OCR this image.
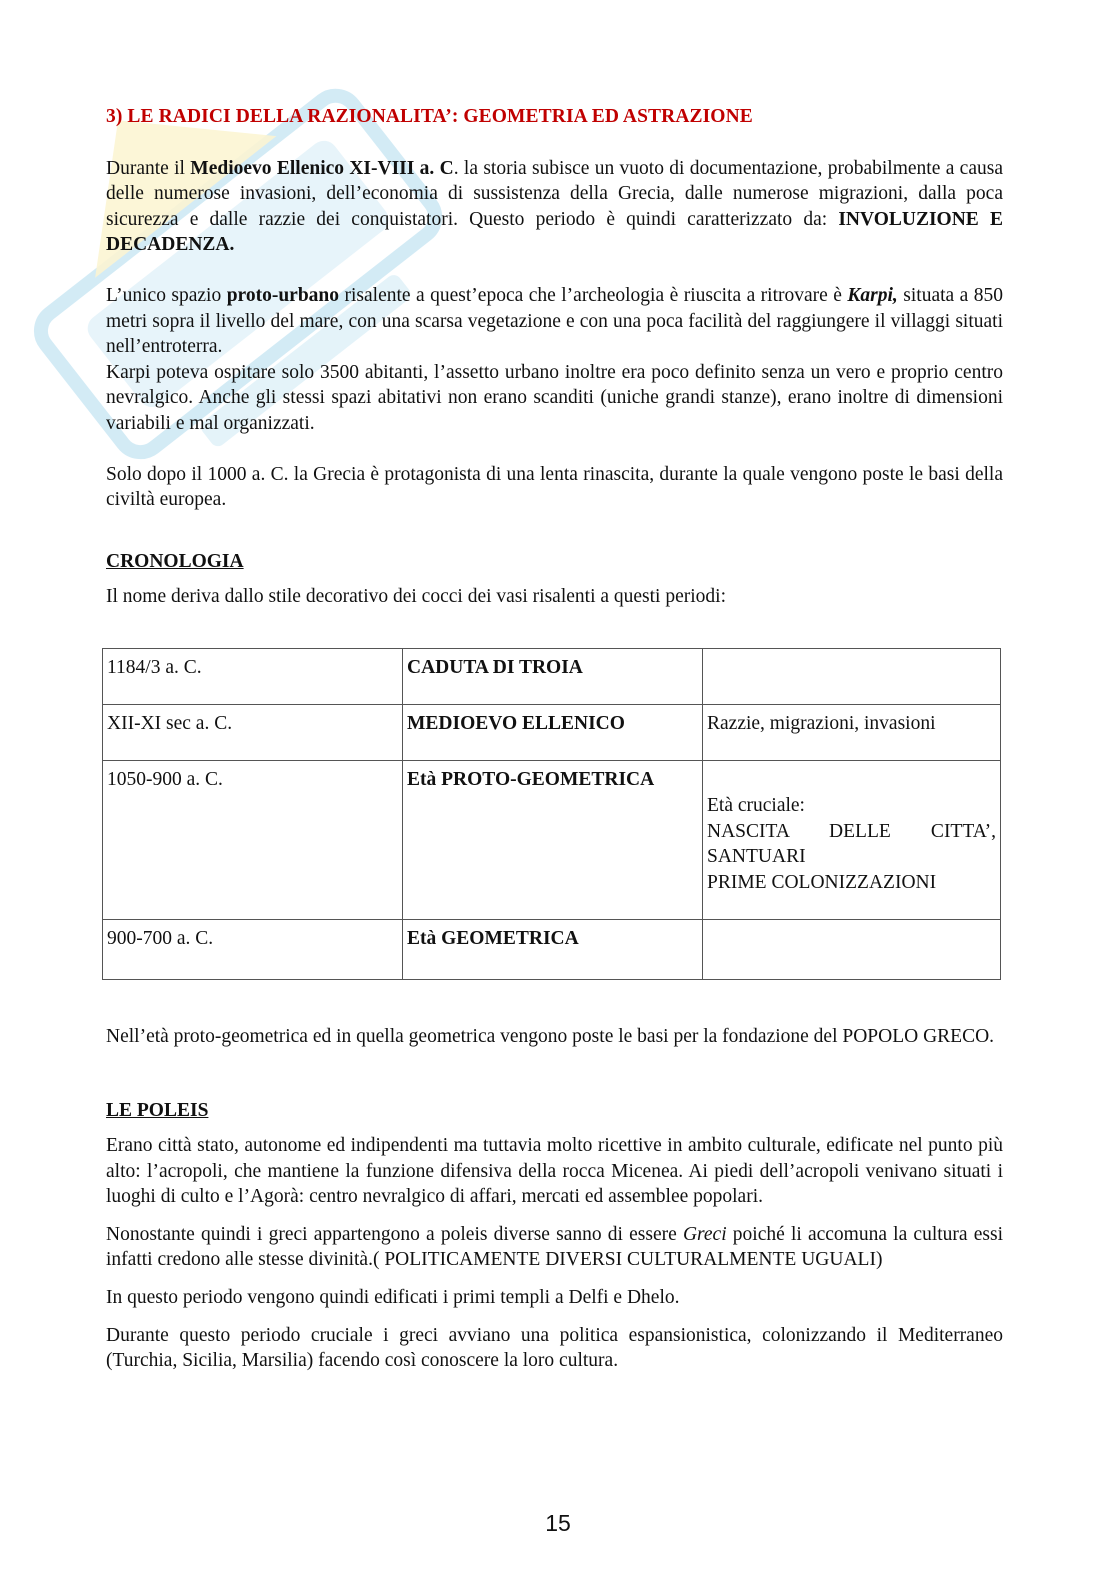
3) LE RADICI DELLA RAZIONALITA’: GEOMETRIA ED ASTRAZIONE

Durante il Medioevo Ellenico XI-VIII a. C. la storia subisce un vuoto di documentazione, probabilmente a causa delle numerose invasioni, dell’economia di sussistenza della Grecia, dalle numerose migrazioni, dalla poca sicurezza e dalle razzie dei conquistatori. Questo periodo è quindi caratterizzato da: INVOLUZIONE E DECADENZA.

L’unico spazio proto-urbano risalente a quest’epoca che l’archeologia è riuscita a ritrovare è Karpi, situata a 850 metri sopra il livello del mare, con una scarsa vegetazione e con una poca facilità del raggiungere il villaggi situati nell’entroterra.

Karpi poteva ospitare solo 3500 abitanti, l’assetto urbano inoltre era poco definito senza un vero e proprio centro nevralgico. Anche gli stessi spazi abitativi non erano scanditi (uniche grandi stanze), erano inoltre di dimensioni variabili e mal organizzati.

Solo dopo il 1000 a. C. la Grecia è protagonista di una lenta rinascita, durante la quale vengono poste le basi della civiltà europea.

CRONOLOGIA

Il nome deriva dallo stile decorativo dei cocci dei vasi risalenti a questi periodi:

1184/3 a. C.	CADUTA DI TROIA	
XII-XI sec a. C.	MEDIOEVO ELLENICO	Razzie, migrazioni, invasioni
1050-900 a. C.	Età PROTO-GEOMETRICA	Età cruciale:
NASCITA DELLE CITTA’, SANTUARI
PRIME COLONIZZAZIONI

900-700 a. C.	Età GEOMETRICA	

Nell’età proto-geometrica ed in quella geometrica vengono poste le basi per la fondazione del POPOLO GRECO.

LE POLEIS

Erano città stato, autonome ed indipendenti ma tuttavia molto ricettive in ambito culturale, edificate nel punto più alto: l’acropoli, che mantiene la funzione difensiva della rocca Micenea. Ai piedi dell’acropoli venivano situati i luoghi di culto e l’Agorà: centro nevralgico di affari, mercati ed assemblee popolari.

Nonostante quindi i greci appartengono a poleis diverse sanno di essere Greci poiché li accomuna la cultura essi infatti credono alle stesse divinità.( POLITICAMENTE DIVERSI CULTURALMENTE UGUALI)

In questo periodo vengono quindi edificati i primi templi a Delfi e Dhelo.

Durante questo periodo cruciale i greci avviano una politica espansionistica, colonizzando il Mediterraneo (Turchia, Sicilia, Marsilia) facendo così conoscere la loro cultura.

15
